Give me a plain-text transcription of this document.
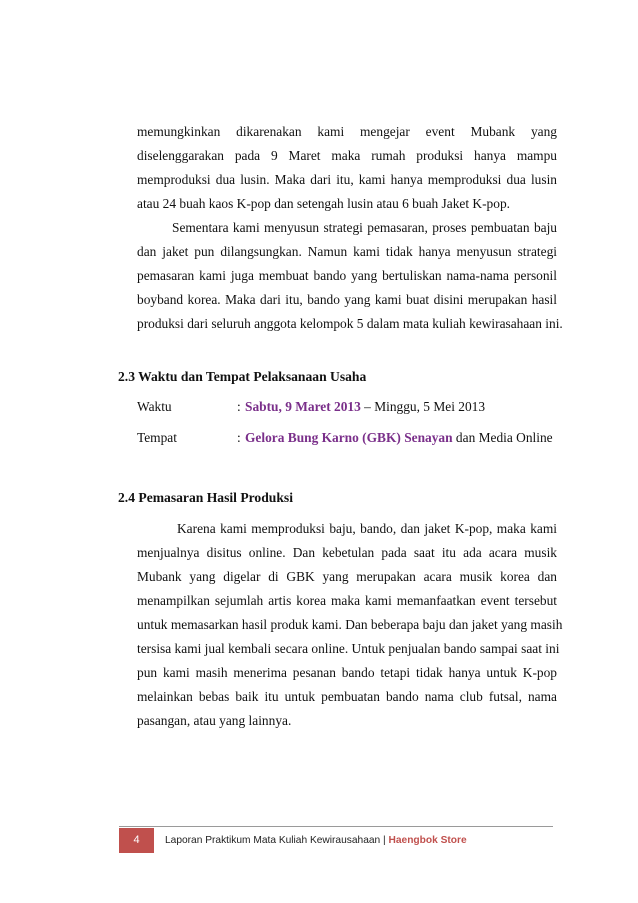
memungkinkan dikarenakan kami mengejar event Mubank yang
diselenggarakan pada 9 Maret maka rumah produksi hanya mampu
memproduksi dua lusin. Maka dari itu, kami hanya memproduksi dua lusin
atau 24 buah kaos K-pop dan setengah lusin atau 6 buah Jaket K-pop.
Sementara kami menyusun strategi pemasaran, proses pembuatan baju
dan jaket pun dilangsungkan. Namun kami tidak hanya menyusun strategi
pemasaran kami juga membuat bando yang bertuliskan nama-nama personil
boyband korea. Maka dari itu, bando yang kami buat disini merupakan hasil
produksi dari seluruh anggota kelompok 5 dalam mata kuliah kewirasahaan ini.
2.3 Waktu dan Tempat Pelaksanaan Usaha
Waktu	: Sabtu, 9 Maret 2013 – Minggu, 5 Mei 2013
Tempat	: Gelora Bung Karno (GBK) Senayan dan Media Online
2.4 Pemasaran Hasil Produksi
Karena kami memproduksi baju, bando, dan jaket K-pop, maka kami
menjualnya disitus online. Dan kebetulan pada saat itu ada acara musik
Mubank yang digelar di GBK yang merupakan acara musik korea dan
menampilkan sejumlah artis korea maka kami memanfaatkan event tersebut
untuk memasarkan hasil produk kami. Dan beberapa baju dan jaket yang masih
tersisa kami jual kembali secara online. Untuk penjualan bando sampai saat ini
pun kami masih menerima pesanan bando tetapi tidak hanya untuk K-pop
melainkan bebas baik itu untuk pembuatan bando nama club futsal, nama
pasangan, atau yang lainnya.
4	Laporan Praktikum Mata Kuliah Kewirausahaan | Haengbok Store
